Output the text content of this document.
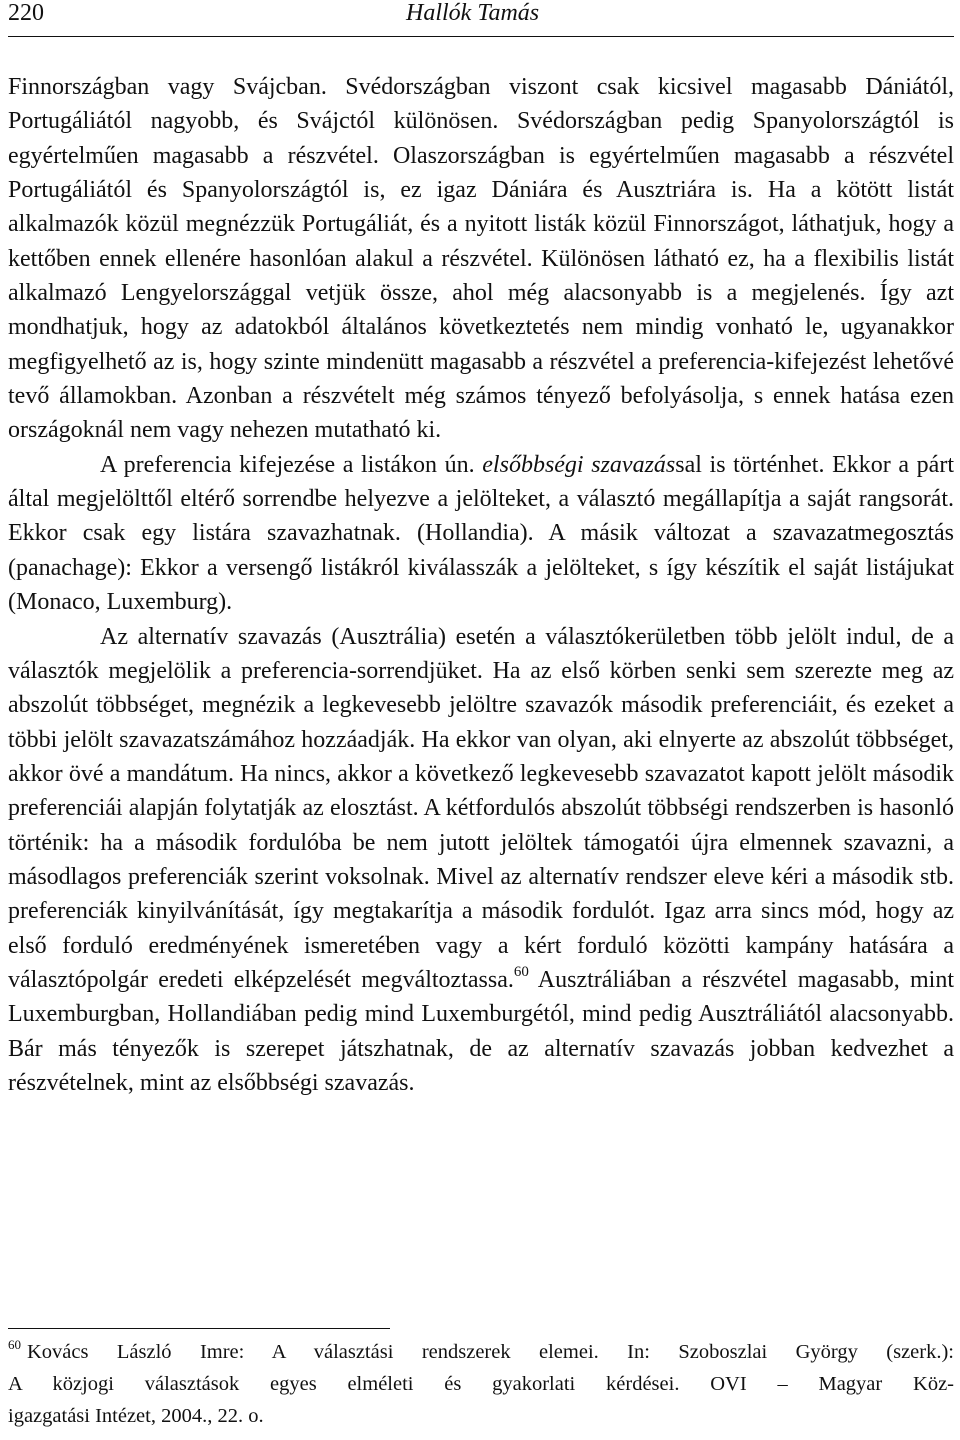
220	Hallók Tamás

Finnországban vagy Svájcban. Svédországban viszont csak kicsivel magasabb Dániától, Portugáliától nagyobb, és Svájctól különösen. Svédországban pedig Spanyolországtól is egyértelműen magasabb a részvétel. Olaszországban is egyértelműen magasabb a részvétel Portugáliától és Spanyolországtól is, ez igaz Dániára és Ausztriára is. Ha a kötött listát alkalmazók közül megnézzük Portugáliát, és a nyitott listák közül Finnországot, láthatjuk, hogy a kettőben ennek ellenére hasonlóan alakul a részvétel. Különösen látható ez, ha a flexibilis listát alkalmazó Lengyelországgal vetjük össze, ahol még alacsonyabb is a megjelenés. Így azt mondhatjuk, hogy az adatokból általános következtetés nem mindig vonható le, ugyanakkor megfigyelhető az is, hogy szinte mindenütt magasabb a részvétel a preferencia-kifejezést lehetővé tevő államokban. Azonban a részvételt még számos tényező befolyásolja, s ennek hatása ezen országoknál nem vagy nehezen mutatható ki.

A preferencia kifejezése a listákon ún. elsőbbségi szavazással is történhet. Ekkor a párt által megjelölttől eltérő sorrendbe helyezve a jelölteket, a választó megállapítja a saját rangsorát. Ekkor csak egy listára szavazhatnak. (Hollandia). A másik változat a szavazatmegosztás (panachage): Ekkor a versengő listákról kiválasszák a jelölteket, s így készítik el saját listájukat (Monaco, Luxemburg).

Az alternatív szavazás (Ausztrália) esetén a választókerületben több jelölt indul, de a választók megjelölik a preferencia-sorrendjüket. Ha az első körben senki sem szerezte meg az abszolút többséget, megnézik a legkevesebb jelöltre szavazók második preferenciáit, és ezeket a többi jelölt szavazatszámához hozzáadják. Ha ekkor van olyan, aki elnyerte az abszolút többséget, akkor övé a mandátum. Ha nincs, akkor a következő legkevesebb szavazatot kapott jelölt második preferenciái alapján folytatják az elosztást. A kétfordulós abszolút többségi rendszerben is hasonló történik: ha a második fordulóba be nem jutott jelöltek támogatói újra elmennek szavazni, a másodlagos preferenciák szerint voksolnak. Mivel az alternatív rendszer eleve kéri a második stb. preferenciák kinyilvánítását, így megtakarítja a második fordulót. Igaz arra sincs mód, hogy az első forduló eredményének ismeretében vagy a kért forduló közötti kampány hatására a választópolgár eredeti elképzelését megváltoztassa.$^{60}$ Ausztráliában a részvétel magasabb, mint Luxemburgban, Hollandiában pedig mind Luxemburgétól, mind pedig Ausztráliától alacsonyabb. Bár más tényezők is szerepet játszhatnak, de az alternatív szavazás jobban kedvezhet a részvételnek, mint az elsőbbségi szavazás.

$^{60}$ Kovács László Imre: A választási rendszerek elemei. In: Szoboszlai György (szerk.):
A közjogi választások egyes elméleti és gyakorlati kérdései. OVI – Magyar Köz-
igazgatási Intézet, 2004., 22. o.
